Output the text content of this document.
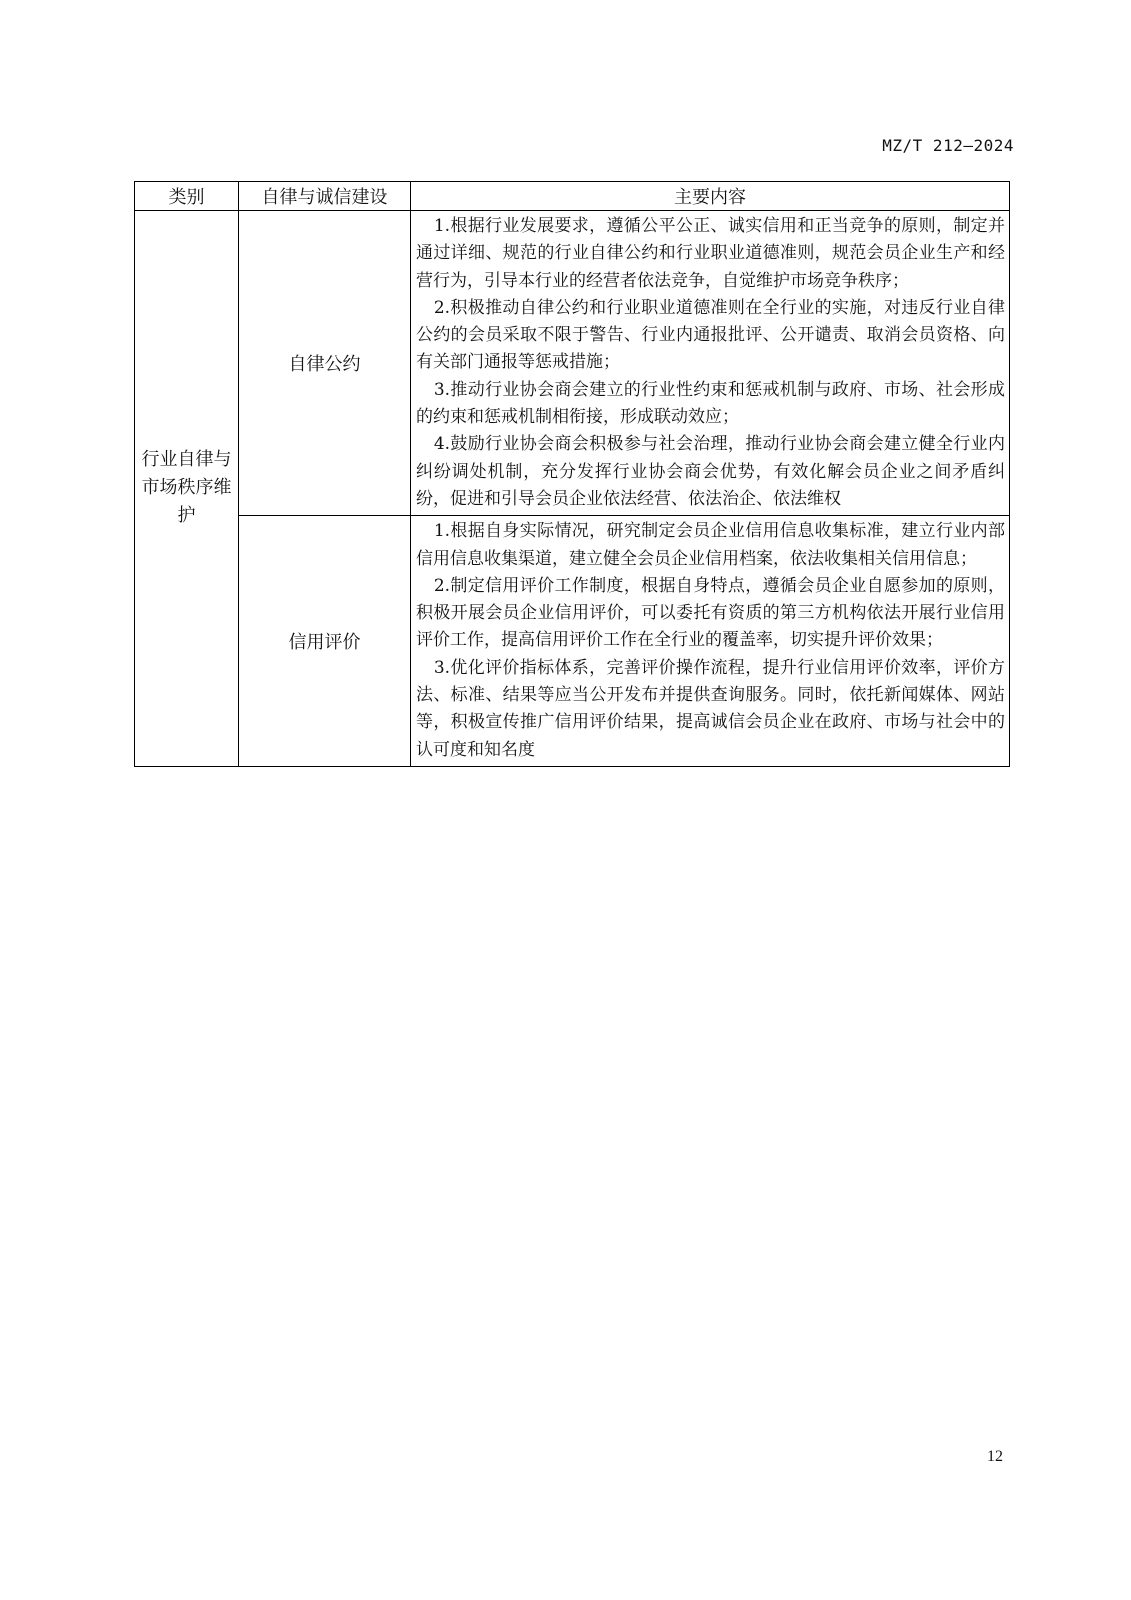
MZ/T 212—2024
类别	自律与诚信建设	主要内容
行业自律与市场秩序维护	自律公约	1.根据行业发展要求，遵循公平公正、诚实信用和正当竞争的原则，制定并通过详细、规范的行业自律公约和行业职业道德准则，规范会员企业生产和经营行为，引导本行业的经营者依法竞争，自觉维护市场竞争秩序；

2.积极推动自律公约和行业职业道德准则在全行业的实施，对违反行业自律公约的会员采取不限于警告、行业内通报批评、公开谴责、取消会员资格、向有关部门通报等惩戒措施；

3.推动行业协会商会建立的行业性约束和惩戒机制与政府、市场、社会形成的约束和惩戒机制相衔接，形成联动效应；

4.鼓励行业协会商会积极参与社会治理，推动行业协会商会建立健全行业内纠纷调处机制，充分发挥行业协会商会优势，有效化解会员企业之间矛盾纠纷，促进和引导会员企业依法经营、依法治企、依法维权

	信用评价	1.根据自身实际情况，研究制定会员企业信用信息收集标准，建立行业内部信用信息收集渠道，建立健全会员企业信用档案，依法收集相关信用信息；

2.制定信用评价工作制度，根据自身特点，遵循会员企业自愿参加的原则，积极开展会员企业信用评价，可以委托有资质的第三方机构依法开展行业信用评价工作，提高信用评价工作在全行业的覆盖率，切实提升评价效果；

3.优化评价指标体系，完善评价操作流程，提升行业信用评价效率，评价方法、标准、结果等应当公开发布并提供查询服务。同时，依托新闻媒体、网站等，积极宣传推广信用评价结果，提高诚信会员企业在政府、市场与社会中的认可度和知名度

12
